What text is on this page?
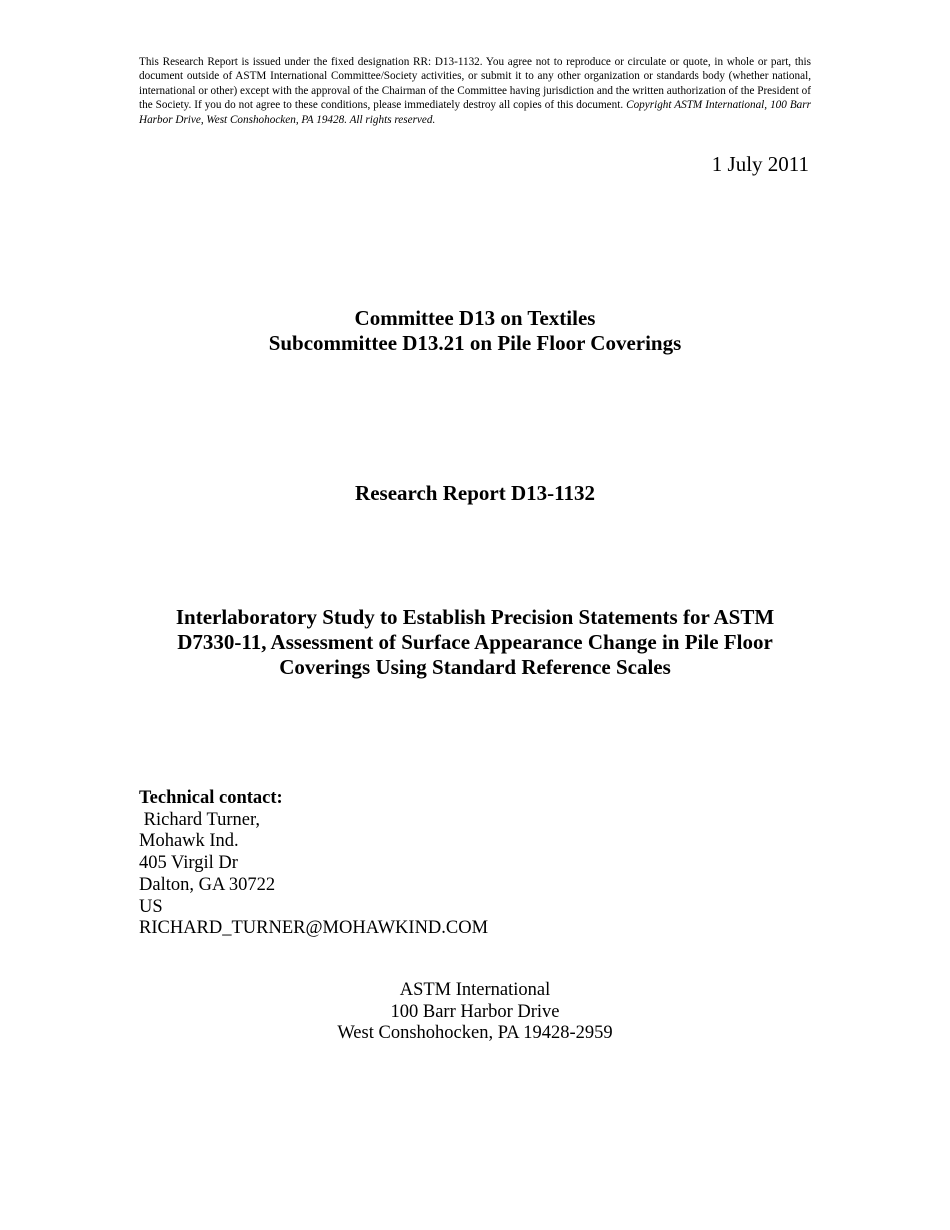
This Research Report is issued under the fixed designation RR: D13-1132. You agree not to reproduce or circulate or quote, in whole or part, this document outside of ASTM International Committee/Society activities, or submit it to any other organization or standards body (whether national, international or other) except with the approval of the Chairman of the Committee having jurisdiction and the written authorization of the President of the Society. If you do not agree to these conditions, please immediately destroy all copies of this document. Copyright ASTM International, 100 Barr Harbor Drive, West Conshohocken, PA 19428. All rights reserved.
1 July 2011
Committee D13 on Textiles
Subcommittee D13.21 on Pile Floor Coverings
Research Report D13-1132
Interlaboratory Study to Establish Precision Statements for ASTM
D7330-11, Assessment of Surface Appearance Change in Pile Floor
Coverings Using Standard Reference Scales
Technical contact:
Richard Turner,
Mohawk Ind.
405 Virgil Dr
Dalton, GA 30722
US
RICHARD_TURNER@MOHAWKIND.COM
ASTM International
100 Barr Harbor Drive
West Conshohocken, PA 19428-2959
